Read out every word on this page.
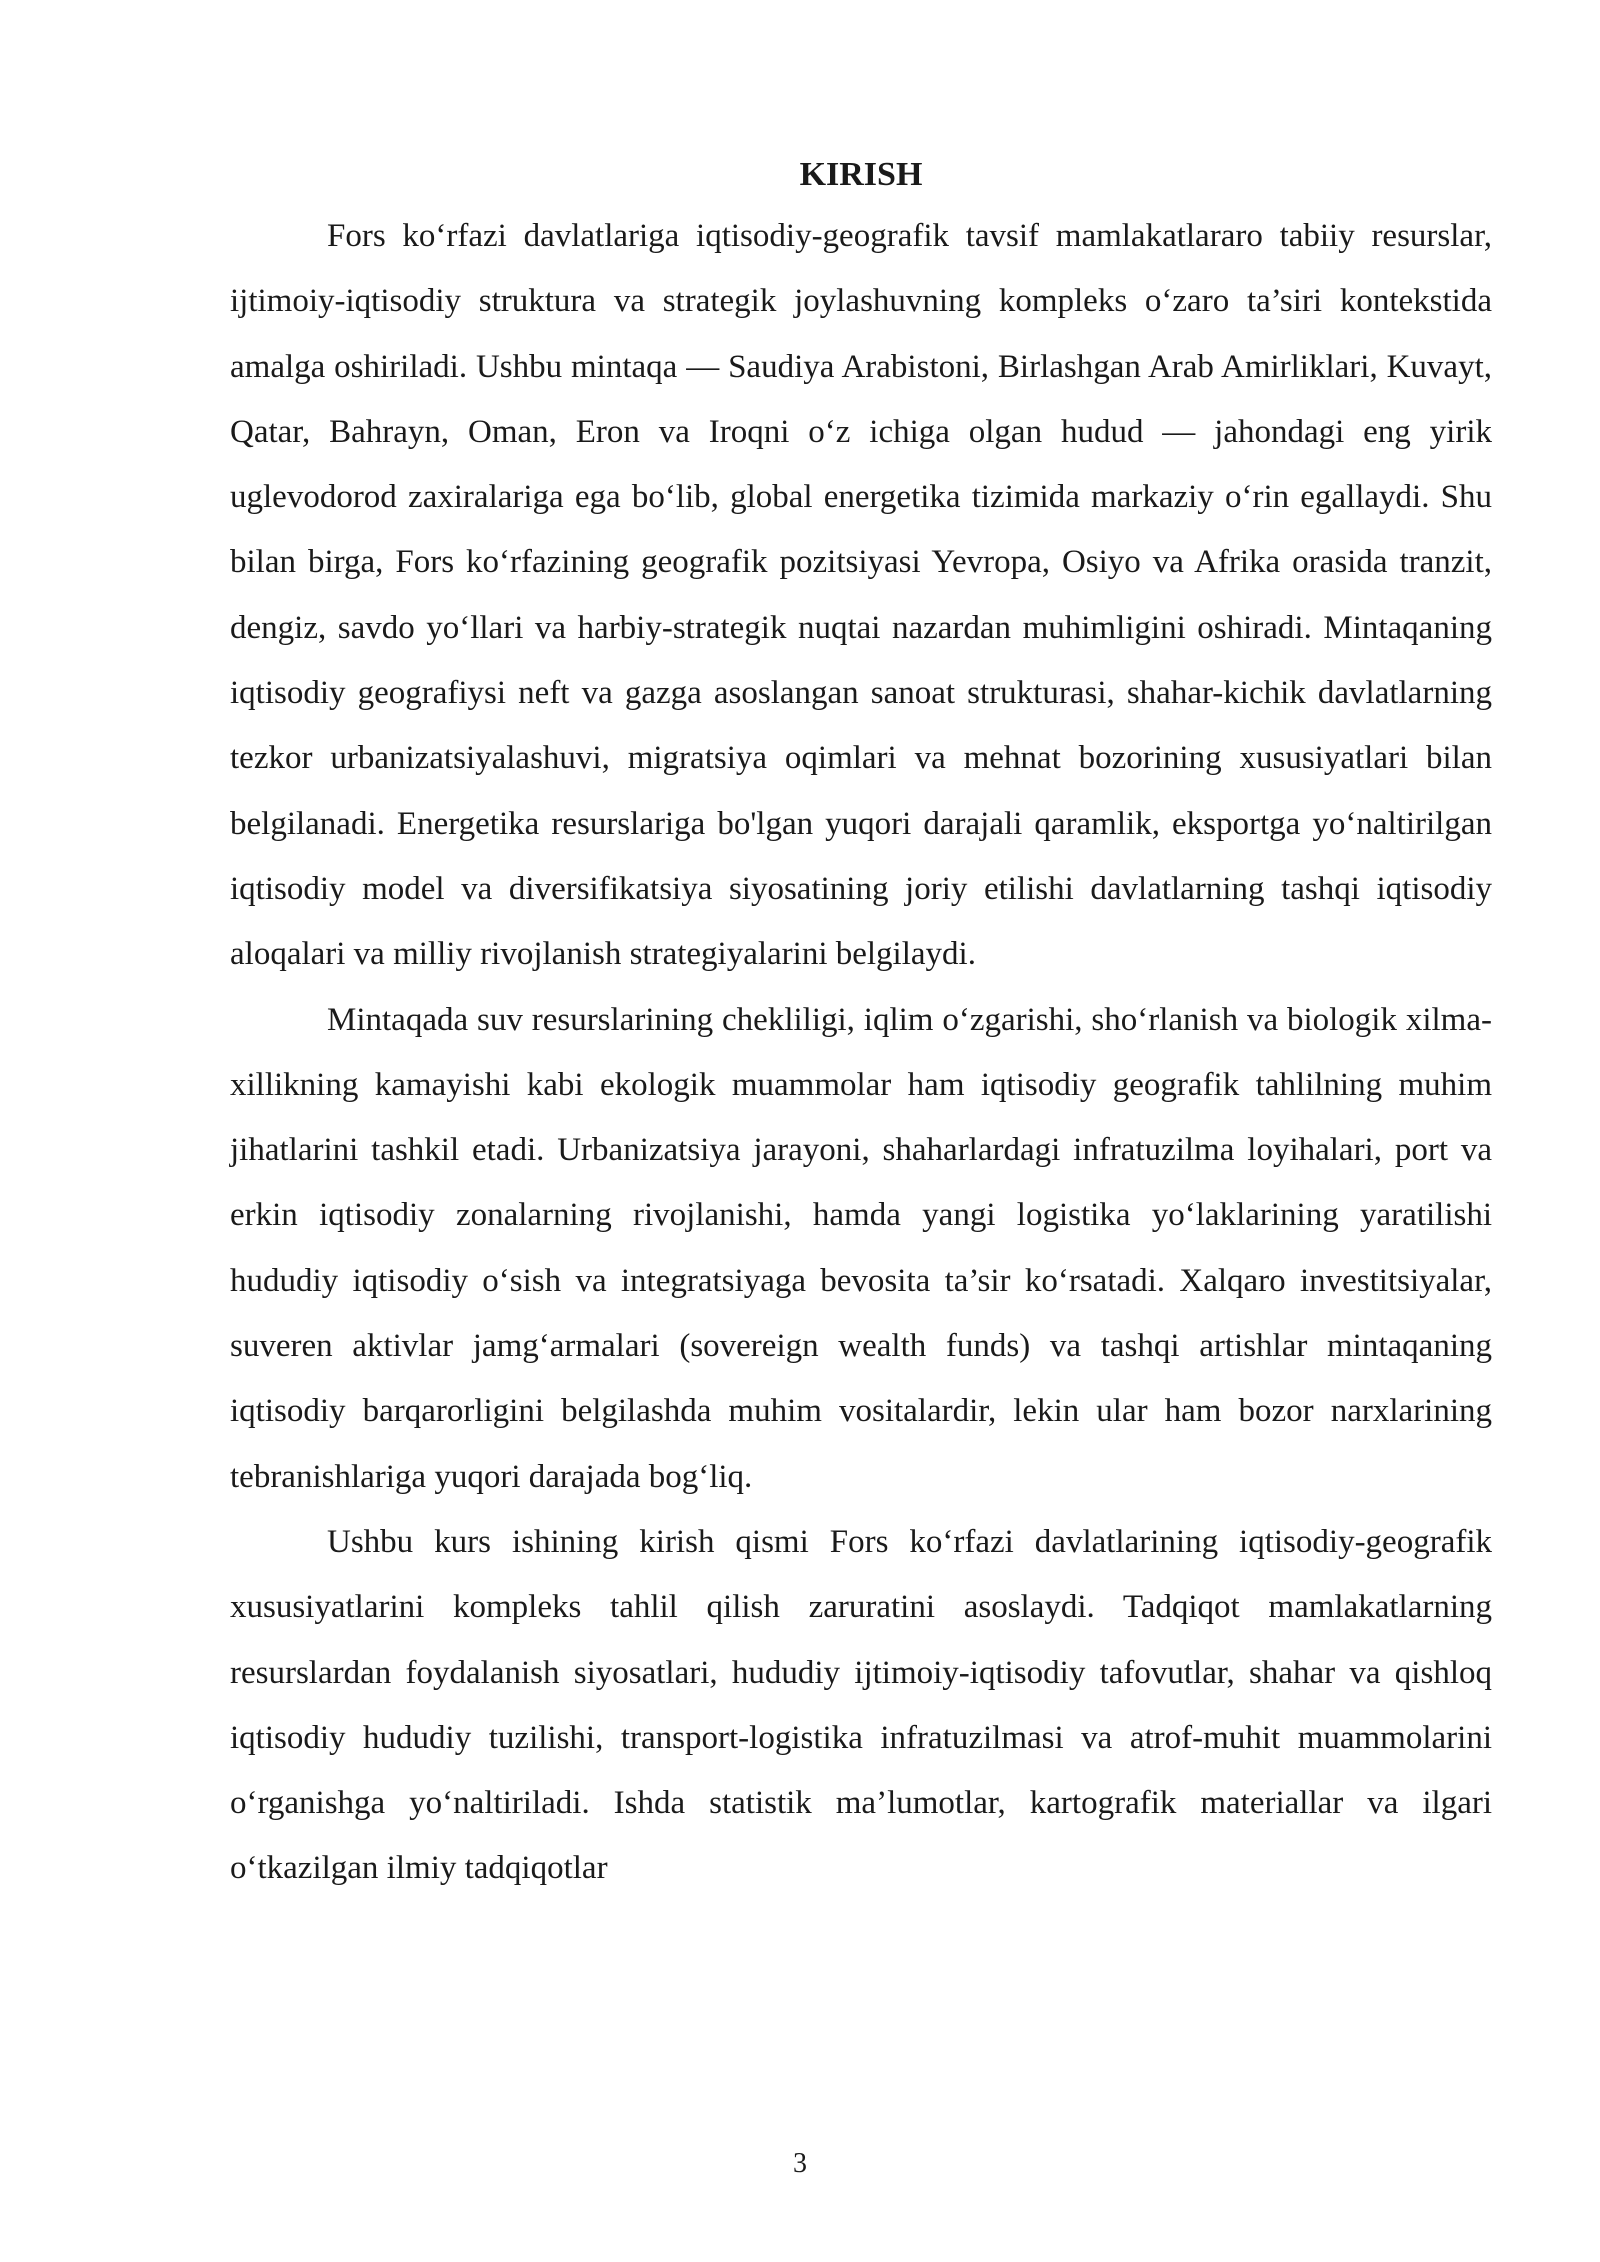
KIRISH

Fors ko‘rfazi davlatlariga iqtisodiy-geografik tavsif mamlakatlararo tabiiy resurslar, ijtimoiy-iqtisodiy struktura va strategik joylashuvning kompleks o‘zaro ta’siri kontekstida amalga oshiriladi. Ushbu mintaqa — Saudiya Arabistoni, Birlashgan Arab Amirliklari, Kuvayt, Qatar, Bahrayn, Oman, Eron va Iroqni o‘z ichiga olgan hudud — jahondagi eng yirik uglevodorod zaxiralariga ega bo‘lib, global energetika tizimida markaziy o‘rin egallaydi. Shu bilan birga, Fors ko‘rfazining geografik pozitsiyasi Yevropa, Osiyo va Afrika orasida tranzit, dengiz, savdo yo‘llari va harbiy-strategik nuqtai nazardan muhimligini oshiradi. Mintaqaning iqtisodiy geografiysi neft va gazga asoslangan sanoat strukturasi, shahar-kichik davlatlarning tezkor urbanizatsiyalashuvi, migratsiya oqimlari va mehnat bozorining xususiyatlari bilan belgilanadi. Energetika resurslariga bo'lgan yuqori darajali qaramlik, eksportga yo‘naltirilgan iqtisodiy model va diversifikatsiya siyosatining joriy etilishi davlatlarning tashqi iqtisodiy aloqalari va milliy rivojlanish strategiyalarini belgilaydi.

Mintaqada suv resurslarining chekliligi, iqlim o‘zgarishi, sho‘rlanish va biologik xilma-xillikning kamayishi kabi ekologik muammolar ham iqtisodiy geografik tahlilning muhim jihatlarini tashkil etadi. Urbanizatsiya jarayoni, shaharlardagi infratuzilma loyihalari, port va erkin iqtisodiy zonalarning rivojlanishi, hamda yangi logistika yo‘laklarining yaratilishi hududiy iqtisodiy o‘sish va integratsiyaga bevosita ta’sir ko‘rsatadi. Xalqaro investitsiyalar, suveren aktivlar jamg‘armalari (sovereign wealth funds) va tashqi artishlar mintaqaning iqtisodiy barqarorligini belgilashda muhim vositalardir, lekin ular ham bozor narxlarining tebranishlariga yuqori darajada bog‘liq.

Ushbu kurs ishining kirish qismi Fors ko‘rfazi davlatlarining iqtisodiy-geografik xususiyatlarini kompleks tahlil qilish zaruratini asoslaydi. Tadqiqot mamlakatlarning resurslardan foydalanish siyosatlari, hududiy ijtimoiy-iqtisodiy tafovutlar, shahar va qishloq iqtisodiy hududiy tuzilishi, transport-logistika infratuzilmasi va atrof-muhit muammolarini o‘rganishga yo‘naltiriladi. Ishda statistik ma’lumotlar, kartografik materiallar va ilgari o‘tkazilgan ilmiy tadqiqotlar

3
